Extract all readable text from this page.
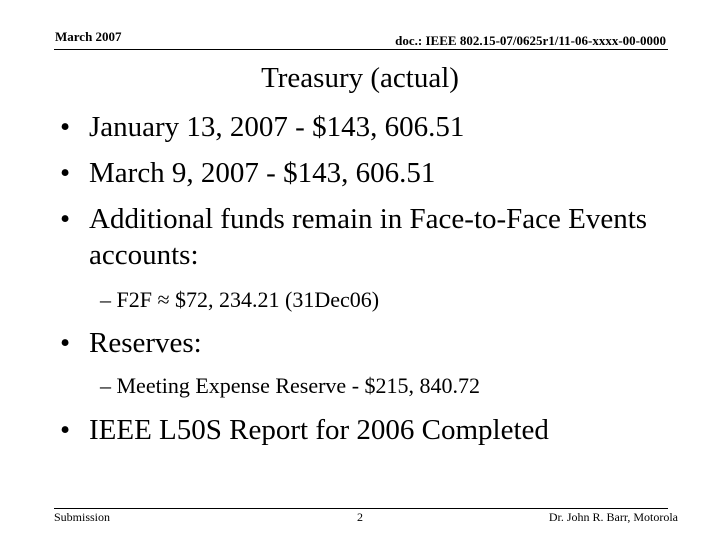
March 2007	doc.: IEEE 802.15-07/0625r1/11-06-xxxx-00-0000
Treasury (actual)
• January 13, 2007 - $143, 606.51
• March 9, 2007 - $143, 606.51
• Additional funds remain in Face-to-Face Events accounts:
– F2F ≈ $72, 234.21 (31Dec06)
• Reserves:
– Meeting Expense Reserve - $215, 840.72
• IEEE L50S Report for 2006 Completed
Submission	2	Dr. John R. Barr, Motorola
